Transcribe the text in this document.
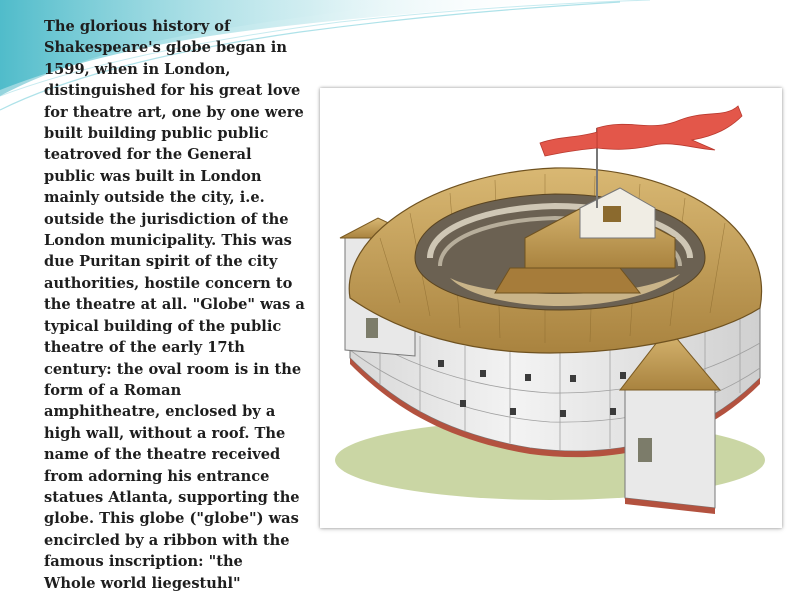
The glorious history of
Shakespeare's globe began in
1599, when in London,
distinguished for his great love
for theatre art, one by one were
built building public public
teatroved for the General
public was built in London
mainly outside the city, i.e.
outside the jurisdiction of the
London municipality. This was
due Puritan spirit of the city
authorities, hostile concern to
the theatre at all. "Globe" was a
typical building of the public
theatre of the early 17th
century: the oval room is in the
form of a Roman
amphitheatre, enclosed by a
high wall, without a roof. The
name of the theatre received
from adorning his entrance
statues Atlanta, supporting the
globe. This globe ("globe") was
encircled by a ribbon with the
famous inscription: "the
Whole world liegestuhl"
